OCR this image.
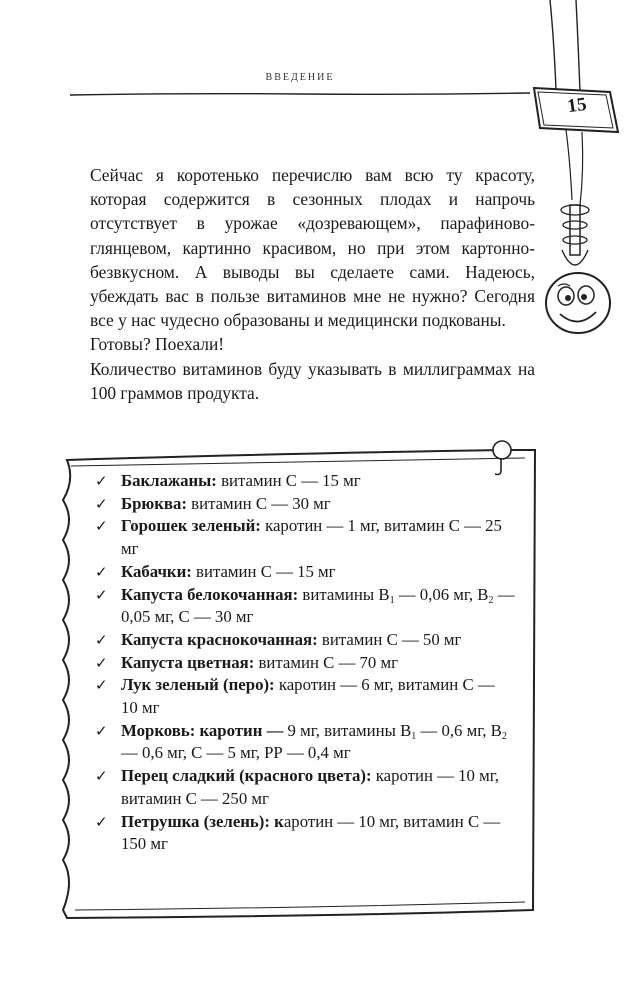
ВВЕДЕНИЕ
15

Сейчас я коротенько перечислю вам всю ту красоту, которая содержится в сезонных плодах и напрочь отсутствует в урожае «дозревающем», парафиново-глянцевом, картинно красивом, но при этом картонно-безвкусном. А выводы вы сделаете сами. Надеюсь, убеждать вас в пользе витаминов мне не нужно? Сегодня все у нас чудесно образованы и медицински подкованы.

Готовы? Поехали!

Количество витаминов буду указывать в миллиграммах на 100 граммов продукта.

✓ Баклажаны: витамин С — 15 мг
✓ Брюква: витамин С — 30 мг
✓ Горошек зеленый: каротин — 1 мг, витамин С — 25 мг
✓ Кабачки: витамин С — 15 мг
✓ Капуста белокочанная: витамины $В_1$ — 0,06 мг, $В_2$ — 0,05 мг, С — 30 мг
✓ Капуста краснокочанная: витамин С — 50 мг
✓ Капуста цветная: витамин С — 70 мг
✓ Лук зеленый (перо): каротин — 6 мг, витамин С — 10 мг
✓ Морковь: каротин — 9 мг, витамины $В_1$ — 0,6 мг, $В_2$ — 0,6 мг, С — 5 мг, РР — 0,4 мг
✓ Перец сладкий (красного цвета): каротин — 10 мг, витамин С — 250 мг
✓ Петрушка (зелень): каротин — 10 мг, витамин С — 150 мг
